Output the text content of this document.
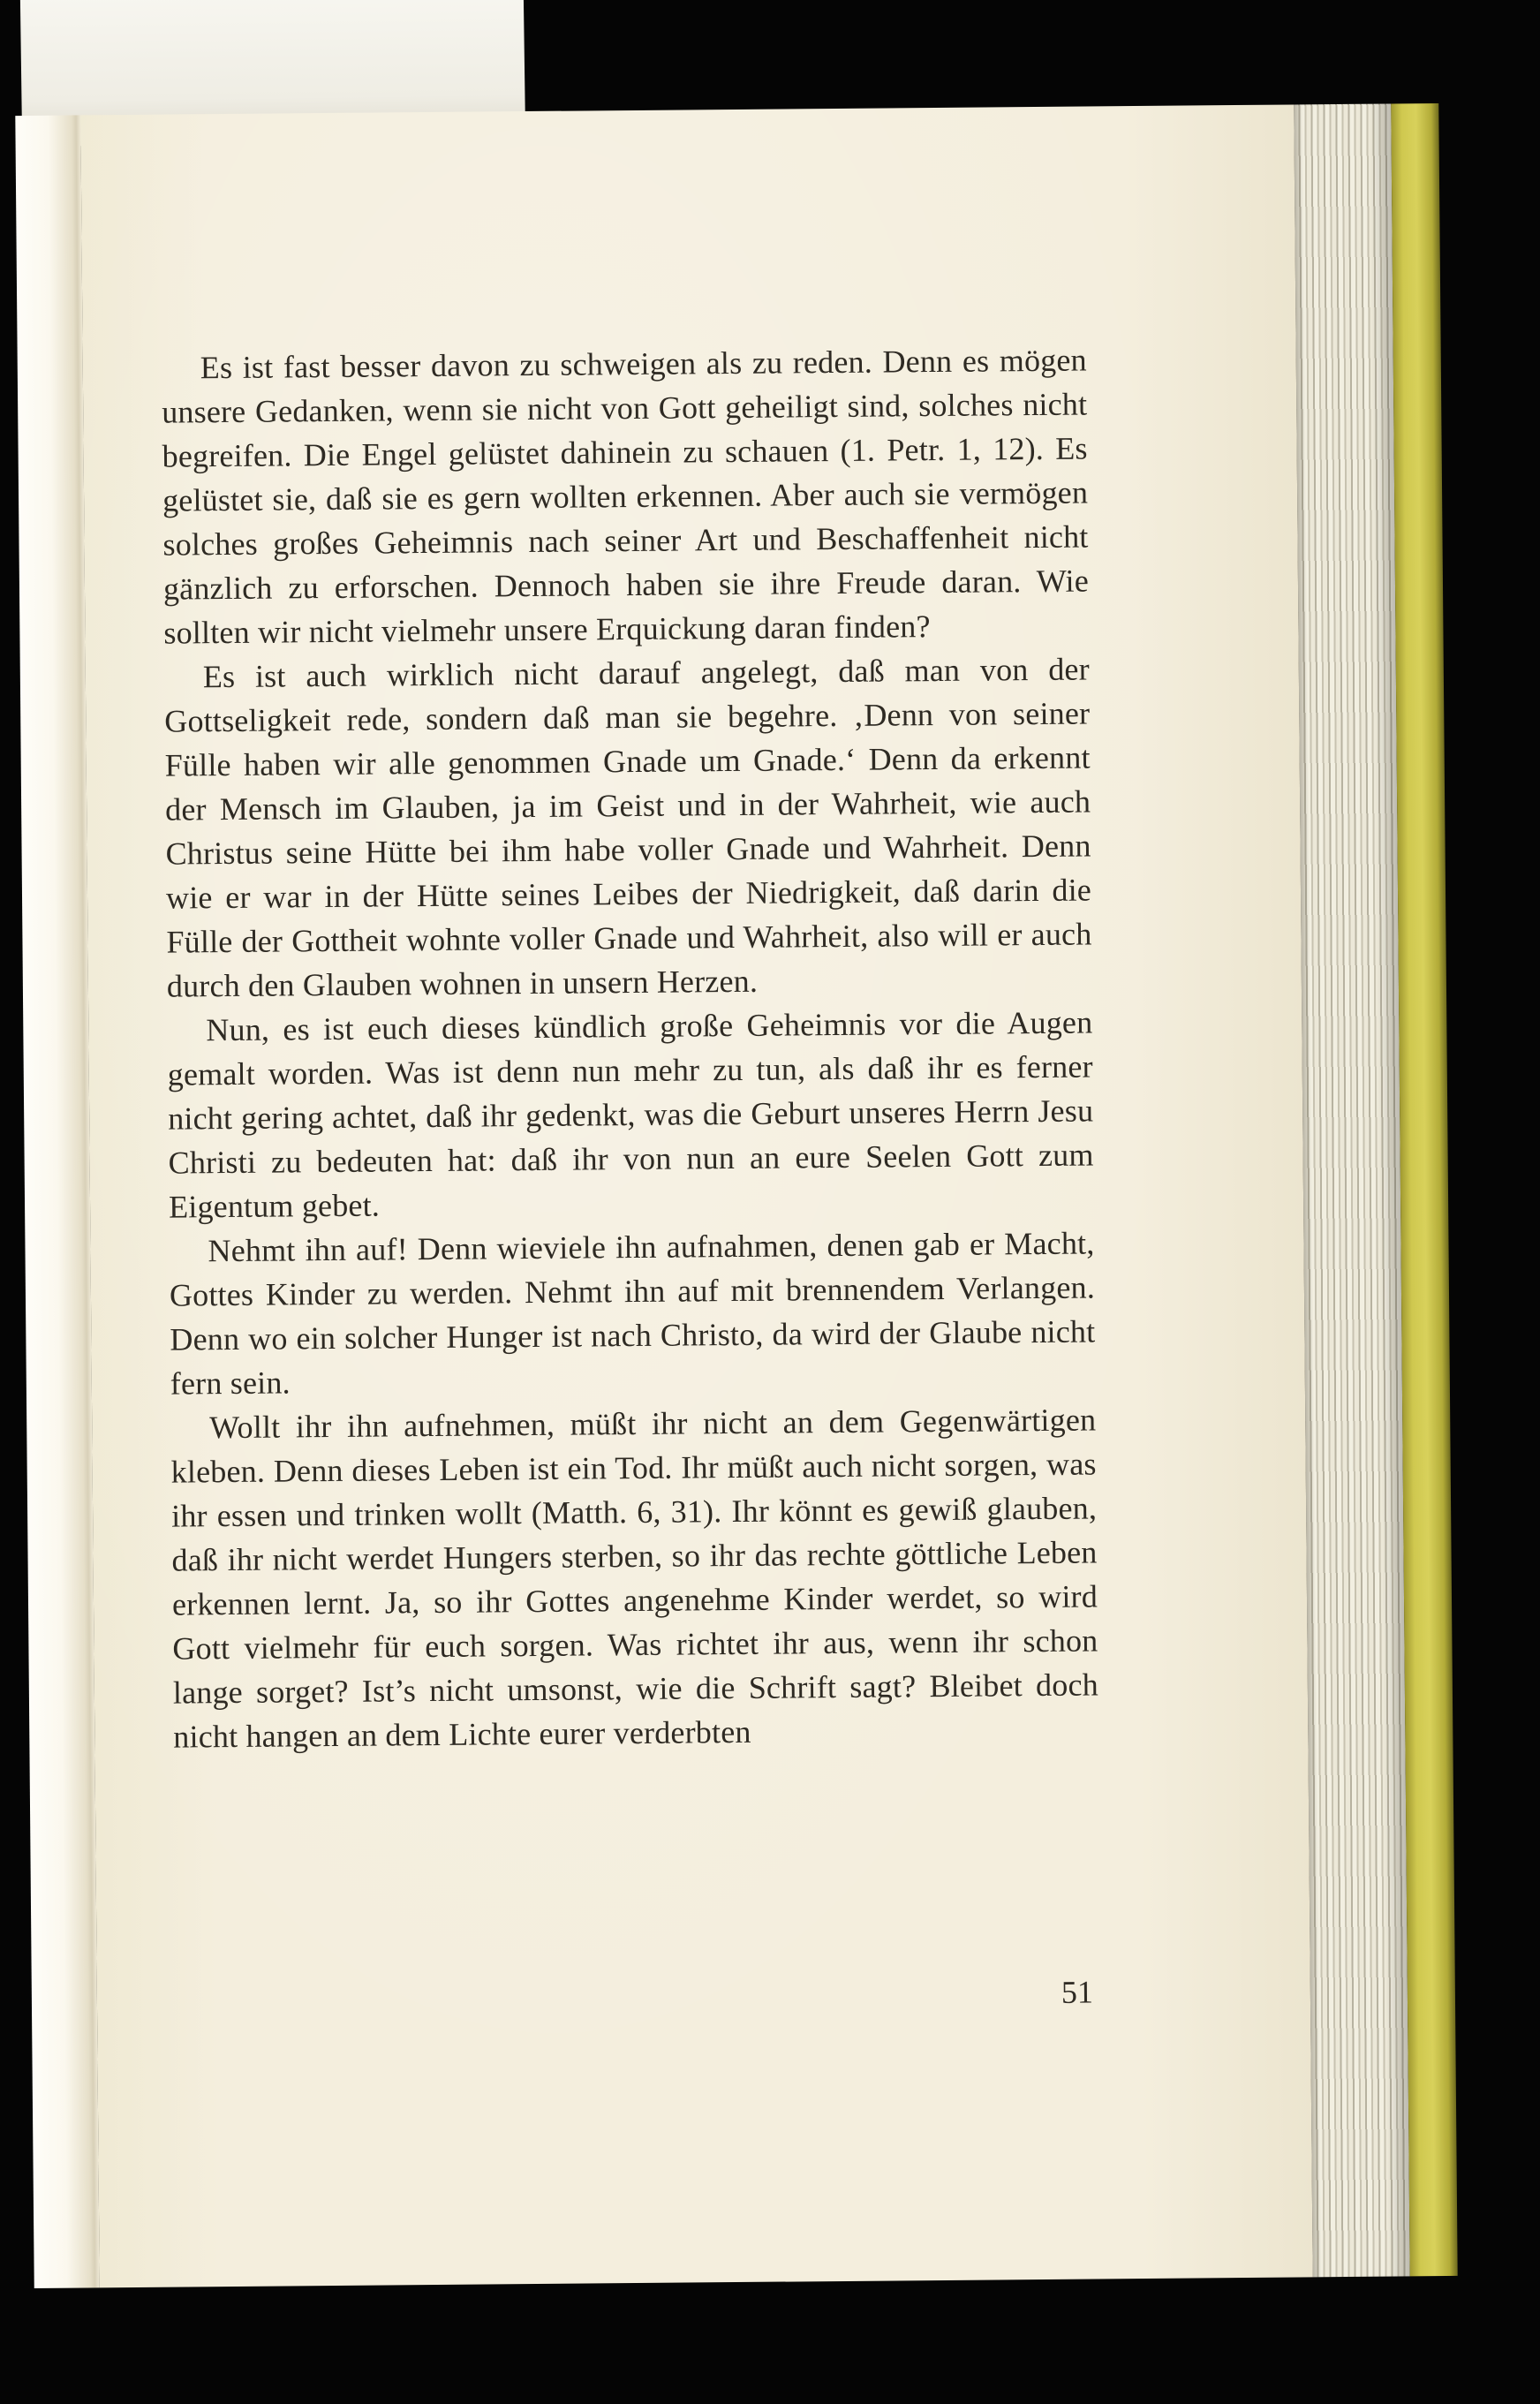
Es ist fast besser davon zu schweigen als zu reden. Denn es mögen unsere Gedanken, wenn sie nicht von Gott geheiligt sind, solches nicht begreifen. Die Engel gelüstet dahinein zu schauen (1. Petr. 1, 12). Es gelüstet sie, daß sie es gern wollten erkennen. Aber auch sie vermögen solches großes Geheimnis nach seiner Art und Beschaffenheit nicht gänzlich zu erforschen. Dennoch haben sie ihre Freude daran. Wie sollten wir nicht vielmehr unsere Erquickung daran finden?

Es ist auch wirklich nicht darauf angelegt, daß man von der Gottseligkeit rede, sondern daß man sie begehre. ‚Denn von seiner Fülle haben wir alle genommen Gnade um Gnade.‘ Denn da erkennt der Mensch im Glauben, ja im Geist und in der Wahrheit, wie auch Christus seine Hütte bei ihm habe voller Gnade und Wahrheit. Denn wie er war in der Hütte seines Leibes der Niedrigkeit, daß darin die Fülle der Gottheit wohnte voller Gnade und Wahrheit, also will er auch durch den Glauben wohnen in unsern Herzen.

Nun, es ist euch dieses kündlich große Geheimnis vor die Augen gemalt worden. Was ist denn nun mehr zu tun, als daß ihr es ferner nicht gering achtet, daß ihr gedenkt, was die Geburt unseres Herrn Jesu Christi zu bedeuten hat: daß ihr von nun an eure Seelen Gott zum Eigentum gebet.

Nehmt ihn auf! Denn wieviele ihn aufnahmen, denen gab er Macht, Gottes Kinder zu werden. Nehmt ihn auf mit brennendem Verlangen. Denn wo ein solcher Hunger ist nach Christo, da wird der Glaube nicht fern sein.

Wollt ihr ihn aufnehmen, müßt ihr nicht an dem Gegenwärtigen kleben. Denn dieses Leben ist ein Tod. Ihr müßt auch nicht sorgen, was ihr essen und trinken wollt (Matth. 6, 31). Ihr könnt es gewiß glauben, daß ihr nicht werdet Hungers sterben, so ihr das rechte göttliche Leben erkennen lernt. Ja, so ihr Gottes angenehme Kinder werdet, so wird Gott vielmehr für euch sorgen. Was richtet ihr aus, wenn ihr schon lange sorget? Ist’s nicht umsonst, wie die Schrift sagt? Bleibet doch nicht hangen an dem Lichte eurer verderbten

51
